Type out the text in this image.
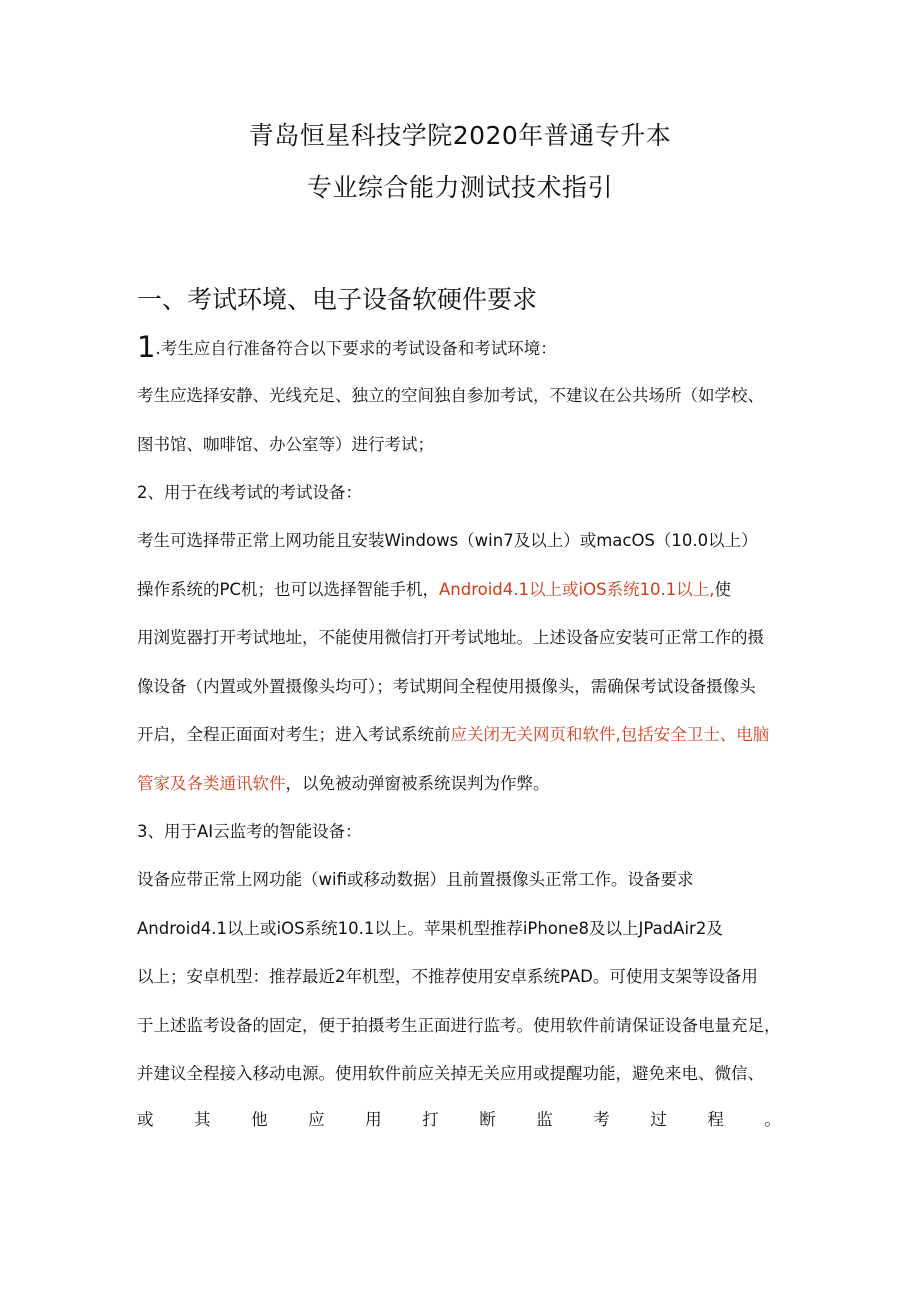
青岛恒星科技学院2020年普通专升本
专业综合能力测试技术指引
一、考试环境、电子设备软硬件要求
1.考生应自行准备符合以下要求的考试设备和考试环境：
考生应选择安静、光线充足、独立的空间独自参加考试，不建议在公共场所（如学校、
图书馆、咖啡馆、办公室等）进行考试；
2、用于在线考试的考试设备：
考生可选择带正常上网功能且安装Windows（win7及以上）或macOS（10.0以上）
操作系统的PC机；也可以选择智能手机，Android4.1以上或iOS系统10.1以上,使
用浏览器打开考试地址，不能使用微信打开考试地址。上述设备应安装可正常工作的摄
像设备（内置或外置摄像头均可）；考试期间全程使用摄像头，需确保考试设备摄像头
开启，全程正面面对考生；进入考试系统前应关闭无关网页和软件,包括安全卫士、电脑
管家及各类通讯软件，以免被动弹窗被系统误判为作弊。
3、用于AI云监考的智能设备：
设备应带正常上网功能（wifi或移动数据）且前置摄像头正常工作。设备要求
Android4.1以上或iOS系统10.1以上。苹果机型推荐iPhone8及以上JPadAir2及
以上；安卓机型：推荐最近2年机型，不推荐使用安卓系统PAD。可使用支架等设备用
于上述监考设备的固定，便于拍摄考生正面进行监考。使用软件前请保证设备电量充足，
并建议全程接入移动电源。使用软件前应关掉无关应用或提醒功能，避免来电、微信、
或 其 他 应 用 打 断 监 考 过 程 。
